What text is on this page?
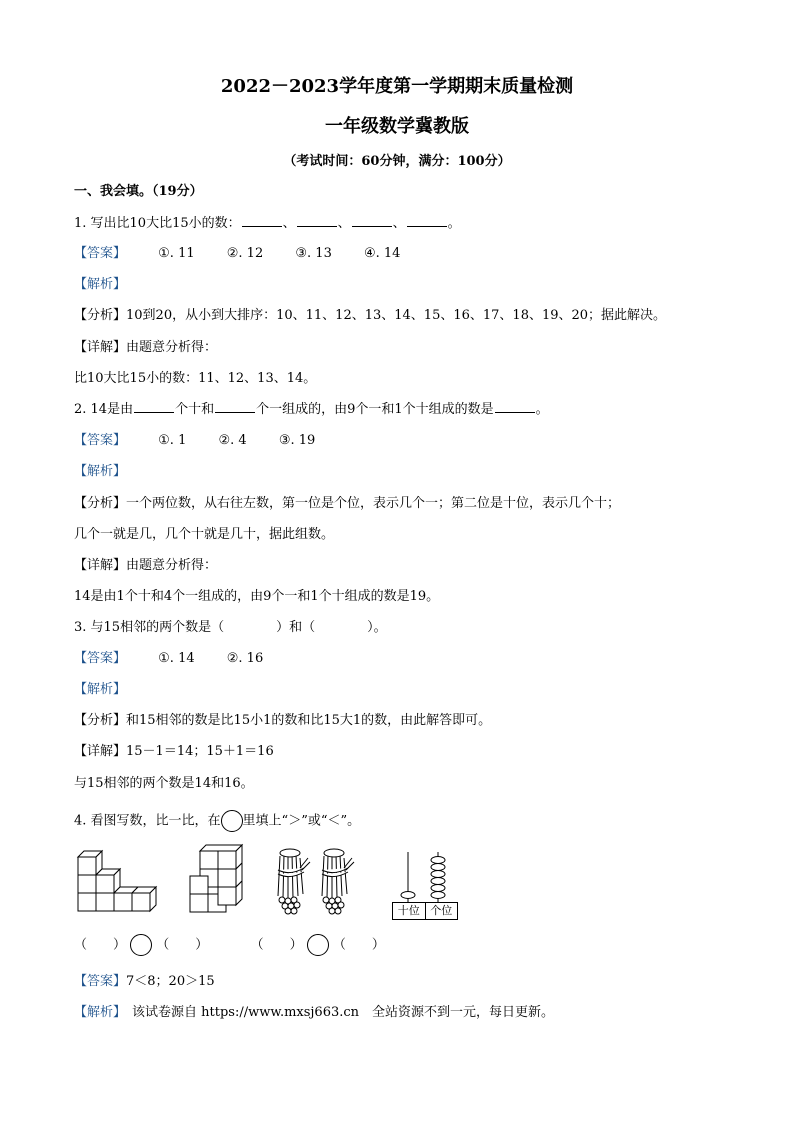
2022－2023学年度第一学期期末质量检测
一年级数学冀教版
（考试时间：60分钟，满分：100分）
一、我会填。（19分）
1. 写出比10大比15小的数：	、	、	、	。
【答案】 ①. 11 ②. 12 ③. 13 ④. 14
【解析】
【分析】10到20，从小到大排序：10、11、12、13、14、15、16、17、18、19、20；据此解决。
【详解】由题意分析得：
比10大比15小的数：11、12、13、14。
2. 14是由	个十和	个一组成的，由9个一和1个十组成的数是	。
【答案】 ①. 1 ②. 4 ③. 19
【解析】
【分析】一个两位数，从右往左数，第一位是个位，表示几个一；第二位是十位，表示几个十；
几个一就是几，几个十就是几十，据此组数。
【详解】由题意分析得：
14是由1个十和4个一组成的，由9个一和1个十组成的数是19。
3. 与15相邻的两个数是（　　　　）和（　　　　）。
【答案】 ①. 14 ②. 16
【解析】
【分析】和15相邻的数是比15小1的数和比15大1的数，由此解答即可。
【详解】15－1＝14；15＋1＝16
与15相邻的两个数是14和16。
4. 看图写数，比一比，在 里填上“＞”或“＜”。
十位 个位
（　　） （　　）	（　　） （　　）
【答案】7＜8；20＞15
【解析】 该试卷源自 https://www.mxsj663.cn　全站资源不到一元，每日更新。
